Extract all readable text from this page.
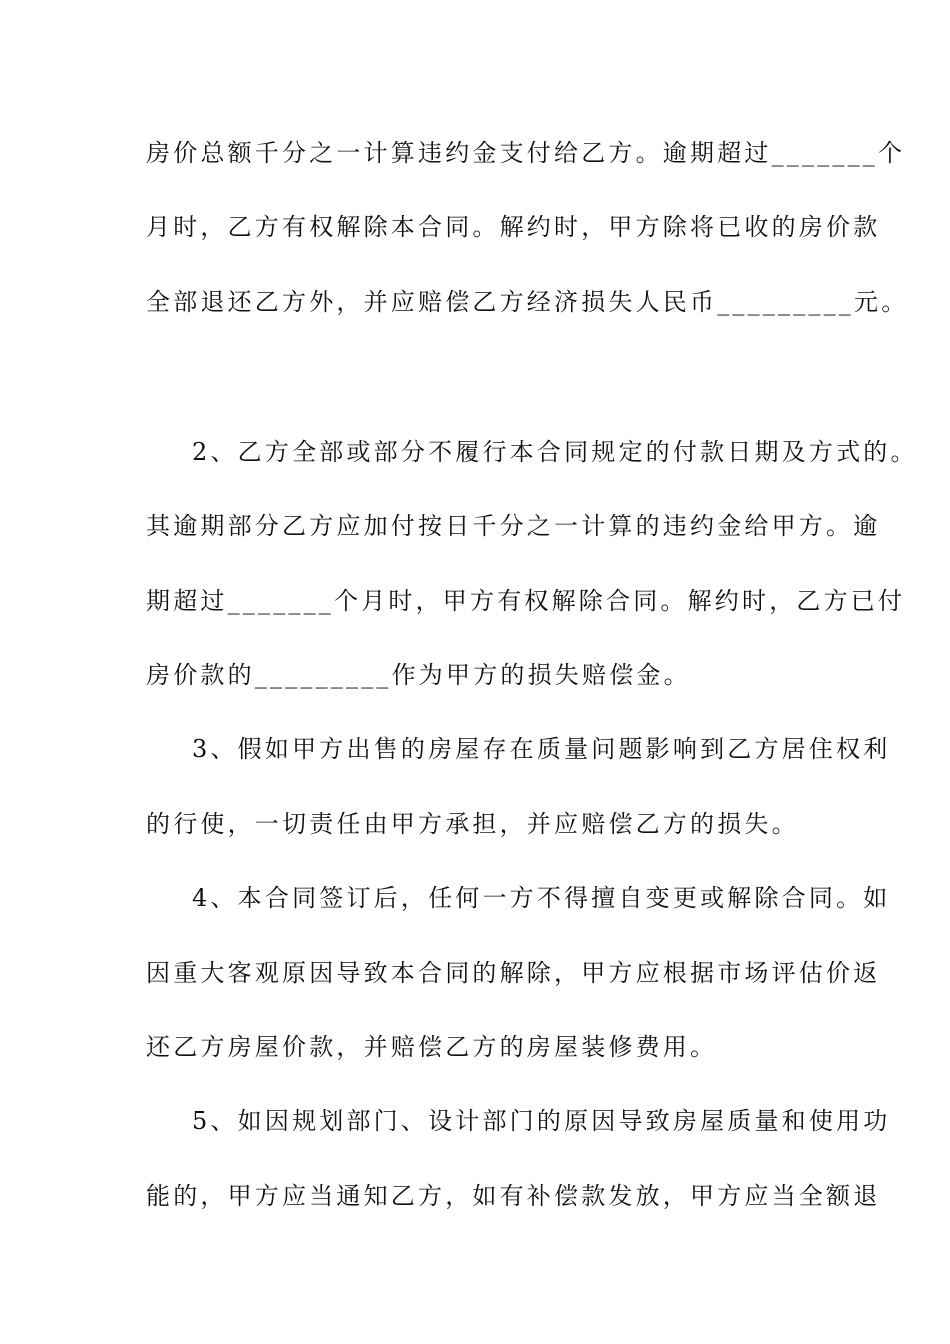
房价总额千分之一计算违约金支付给乙方。逾期超过_______个
月时，乙方有权解除本合同。解约时，甲方除将已收的房价款
全部退还乙方外，并应赔偿乙方经济损失人民币_________元。
2、乙方全部或部分不履行本合同规定的付款日期及方式的。
其逾期部分乙方应加付按日千分之一计算的违约金给甲方。逾
期超过_______个月时，甲方有权解除合同。解约时，乙方已付
房价款的_________作为甲方的损失赔偿金。
3、假如甲方出售的房屋存在质量问题影响到乙方居住权利
的行使，一切责任由甲方承担，并应赔偿乙方的损失。
4、本合同签订后，任何一方不得擅自变更或解除合同。如
因重大客观原因导致本合同的解除，甲方应根据市场评估价返
还乙方房屋价款，并赔偿乙方的房屋装修费用。
5、如因规划部门、设计部门的原因导致房屋质量和使用功
能的，甲方应当通知乙方，如有补偿款发放，甲方应当全额退
